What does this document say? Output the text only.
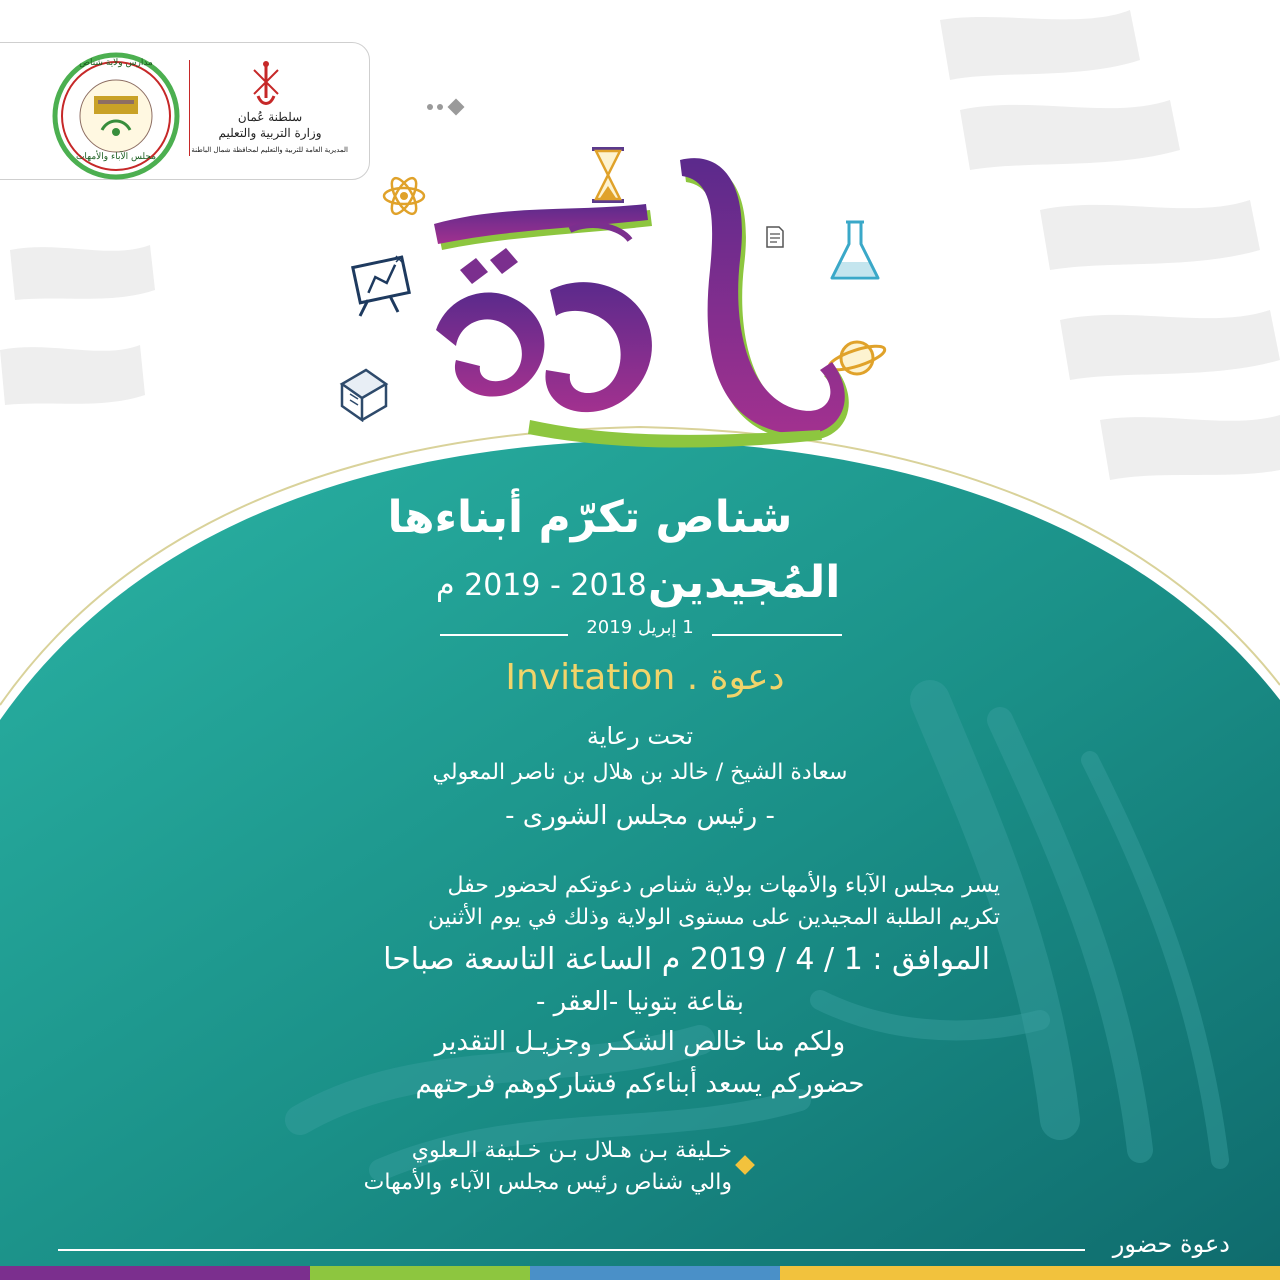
مدارس ولاية شناص
مجلس الآباء والأمهات
سلطنة عُمان
وزارة التربية والتعليم
المديرية العامة للتربية والتعليم لمحافظة شمال الباطنة
شناص تكرّم أبناءها
المُجيدين
2018 - 2019 م
1 إبريل 2019
Invitation . دعوة
تحت رعاية
سعادة الشيخ / خالد بن هلال بن ناصر المعولي
- رئيس مجلس الشورى -
يسر مجلس الآباء والأمهات بولاية شناص دعوتكم لحضور حفل
تكريم الطلبة المجيدين على مستوى الولاية وذلك في يوم الأثنين
الموافق : 1 / 4 / 2019 م الساعة التاسعة صباحا
بقاعة بتونيا -العقر -
ولكم منا خالص الشكـر وجزيـل التقدير
حضوركم يسعد أبناءكم فشاركوهم فرحتهم
خـليفة بـن هـلال بـن خـليفة الـعلوي
والي شناص رئيس مجلس الآباء والأمهات
دعوة حضور
